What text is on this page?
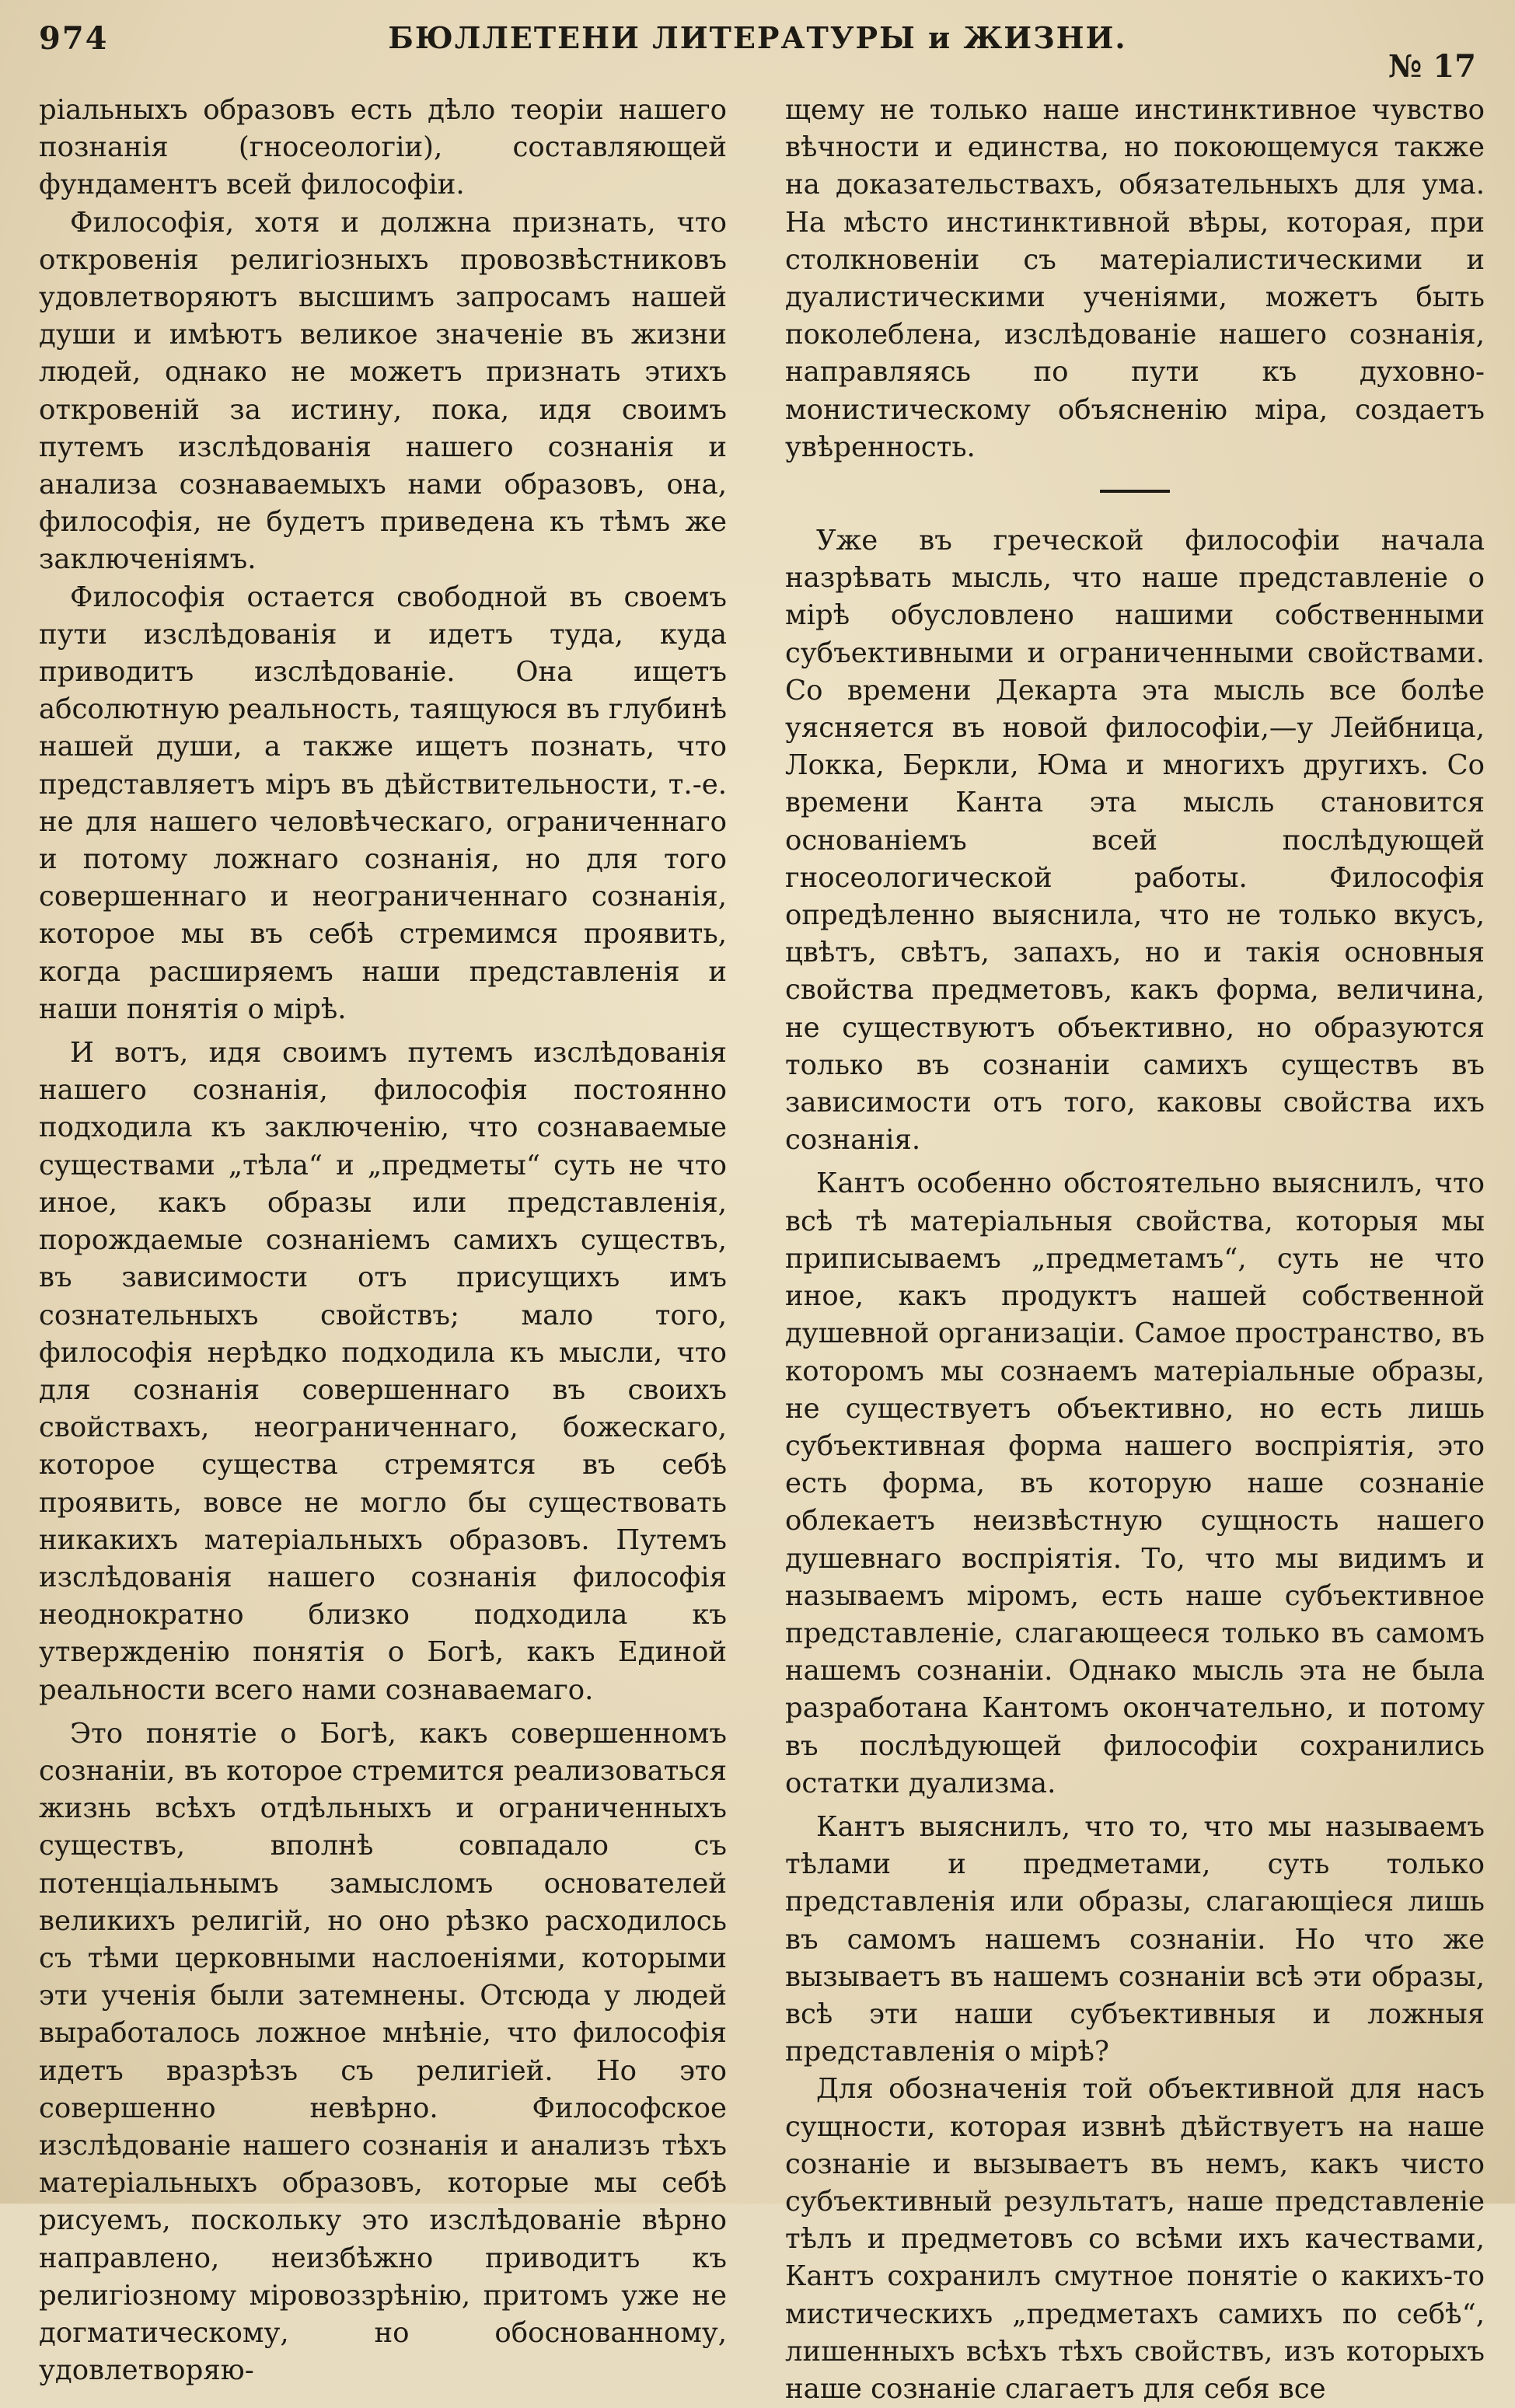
974	БЮЛЛЕТЕНИ ЛИТЕРАТУРЫ и ЖИЗНИ.
№ 17

ріальныхъ образовъ есть дѣло теоріи нашего познанія (гносеологіи), составляющей фундаментъ всей философіи.

Философія, хотя и должна признать, что откровенія религіозныхъ провозвѣстниковъ удовлетворяютъ высшимъ запросамъ нашей души и имѣютъ великое значеніе въ жизни людей, однако не можетъ признать этихъ откровеній за истину, пока, идя своимъ путемъ изслѣдованія нашего сознанія и анализа сознаваемыхъ нами образовъ, она, философія, не будетъ приведена къ тѣмъ же заключеніямъ.

Философія остается свободной въ своемъ пути изслѣдованія и идетъ туда, куда приводитъ изслѣдованіе. Она ищетъ абсолютную реальность, таящуюся въ глубинѣ нашей души, а также ищетъ познать, что представляетъ міръ въ дѣйствительности, т.-е. не для нашего человѣческаго, ограниченнаго и потому ложнаго сознанія, но для того совершеннаго и неограниченнаго сознанія, которое мы въ себѣ стремимся проявить, когда расширяемъ наши представленія и наши понятія о мірѣ.

И вотъ, идя своимъ путемъ изслѣдованія нашего сознанія, философія постоянно подходила къ заключенію, что сознаваемые существами „тѣла“ и „предметы“ суть не что иное, какъ образы или представленія, порождаемые сознаніемъ самихъ существъ, въ зависимости отъ присущихъ имъ сознательныхъ свойствъ; мало того, философія нерѣдко подходила къ мысли, что для сознанія совершеннаго въ своихъ свойствахъ, неограниченнаго, божескаго, которое существа стремятся въ себѣ проявить, вовсе не могло бы существовать никакихъ матеріальныхъ образовъ. Путемъ изслѣдованія нашего сознанія философія неоднократно близко подходила къ утвержденію понятія о Богѣ, какъ Единой реальности всего нами сознаваемаго.

Это понятіе о Богѣ, какъ совершенномъ сознаніи, въ которое стремится реализоваться жизнь всѣхъ отдѣльныхъ и ограниченныхъ существъ, вполнѣ совпадало съ потенціальнымъ замысломъ основателей великихъ религій, но оно рѣзко расходилось съ тѣми церковными наслоеніями, которыми эти ученія были затемнены. Отсюда у людей выработалось ложное мнѣніе, что философія идетъ вразрѣзъ съ религіей. Но это совершенно невѣрно. Философское изслѣдованіе нашего сознанія и анализъ тѣхъ матеріальныхъ образовъ, которые мы себѣ рисуемъ, поскольку это изслѣдованіе вѣрно направлено, неизбѣжно приводитъ къ религіозному міровоззрѣнію, притомъ уже не догматическому, но обоснованному, удовлетворяю-

щему не только наше инстинктивное чувство вѣчности и единства, но покоющемуся также на доказательствахъ, обязательныхъ для ума. На мѣсто инстинктивной вѣры, которая, при столкновеніи съ матеріалистическими и дуалистическими ученіями, можетъ быть поколеблена, изслѣдованіе нашего сознанія, направляясь по пути къ духовно-монистическому объясненію міра, создаетъ увѣренность.

Уже въ греческой философіи начала назрѣвать мысль, что наше представленіе о мірѣ обусловлено нашими собственными субъективными и ограниченными свойствами. Со времени Декарта эта мысль все болѣе уясняется въ новой философіи,—у Лейбница, Локка, Беркли, Юма и многихъ другихъ. Со времени Канта эта мысль становится основаніемъ всей послѣдующей гносеологической работы. Философія опредѣленно выяснила, что не только вкусъ, цвѣтъ, свѣтъ, запахъ, но и такія основныя свойства предметовъ, какъ форма, величина, не существуютъ объективно, но образуются только въ сознаніи самихъ существъ въ зависимости отъ того, каковы свойства ихъ сознанія.

Кантъ особенно обстоятельно выяснилъ, что всѣ тѣ матеріальныя свойства, которыя мы приписываемъ „предметамъ“, суть не что иное, какъ продуктъ нашей собственной душевной организаціи. Самое пространство, въ которомъ мы сознаемъ матеріальные образы, не существуетъ объективно, но есть лишь субъективная форма нашего воспріятія, это есть форма, въ которую наше сознаніе облекаетъ неизвѣстную сущность нашего душевнаго воспріятія. То, что мы видимъ и называемъ міромъ, есть наше субъективное представленіе, слагающееся только въ самомъ нашемъ сознаніи. Однако мысль эта не была разработана Кантомъ окончательно, и потому въ послѣдующей философіи сохранились остатки дуализма.

Кантъ выяснилъ, что то, что мы называемъ тѣлами и предметами, суть только представленія или образы, слагающіеся лишь въ самомъ нашемъ сознаніи. Но что же вызываетъ въ нашемъ сознаніи всѣ эти образы, всѣ эти наши субъективныя и ложныя представленія о мірѣ?

Для обозначенія той объективной для насъ сущности, которая извнѣ дѣйствуетъ на наше сознаніе и вызываетъ въ немъ, какъ чисто субъективный результатъ, наше представленіе тѣлъ и предметовъ со всѣми ихъ качествами, Кантъ сохранилъ смутное понятіе о какихъ-то мистическихъ „предметахъ самихъ по себѣ“, лишенныхъ всѣхъ тѣхъ свойствъ, изъ которыхъ наше сознаніе слагаетъ для себя все
